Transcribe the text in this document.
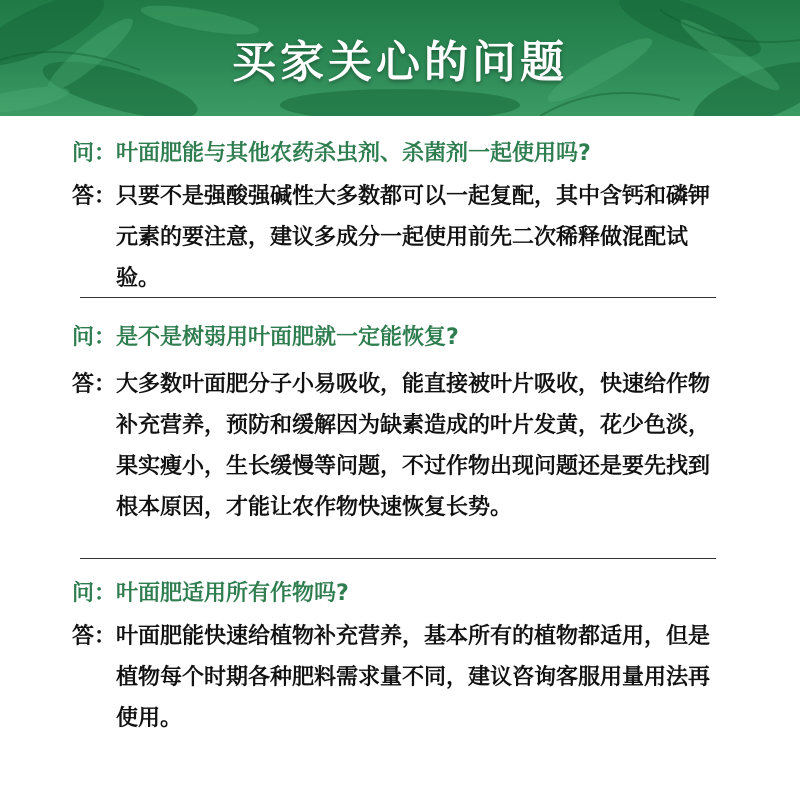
买家关心的问题
问： 叶面肥能与其他农药杀虫剂、杀菌剂一起使用吗?
答： 只要不是强酸强碱性大多数都可以一起复配，其中含钙和磷钾元素的要注意，建议多成分一起使用前先二次稀释做混配试验。
问： 是不是树弱用叶面肥就一定能恢复?
答： 大多数叶面肥分子小易吸收，能直接被叶片吸收，快速给作物补充营养，预防和缓解因为缺素造成的叶片发黄，花少色淡，果实瘦小，生长缓慢等问题，不过作物出现问题还是要先找到根本原因，才能让农作物快速恢复长势。
问： 叶面肥适用所有作物吗?
答： 叶面肥能快速给植物补充营养，基本所有的植物都适用，但是植物每个时期各种肥料需求量不同，建议咨询客服用量用法再使用。
